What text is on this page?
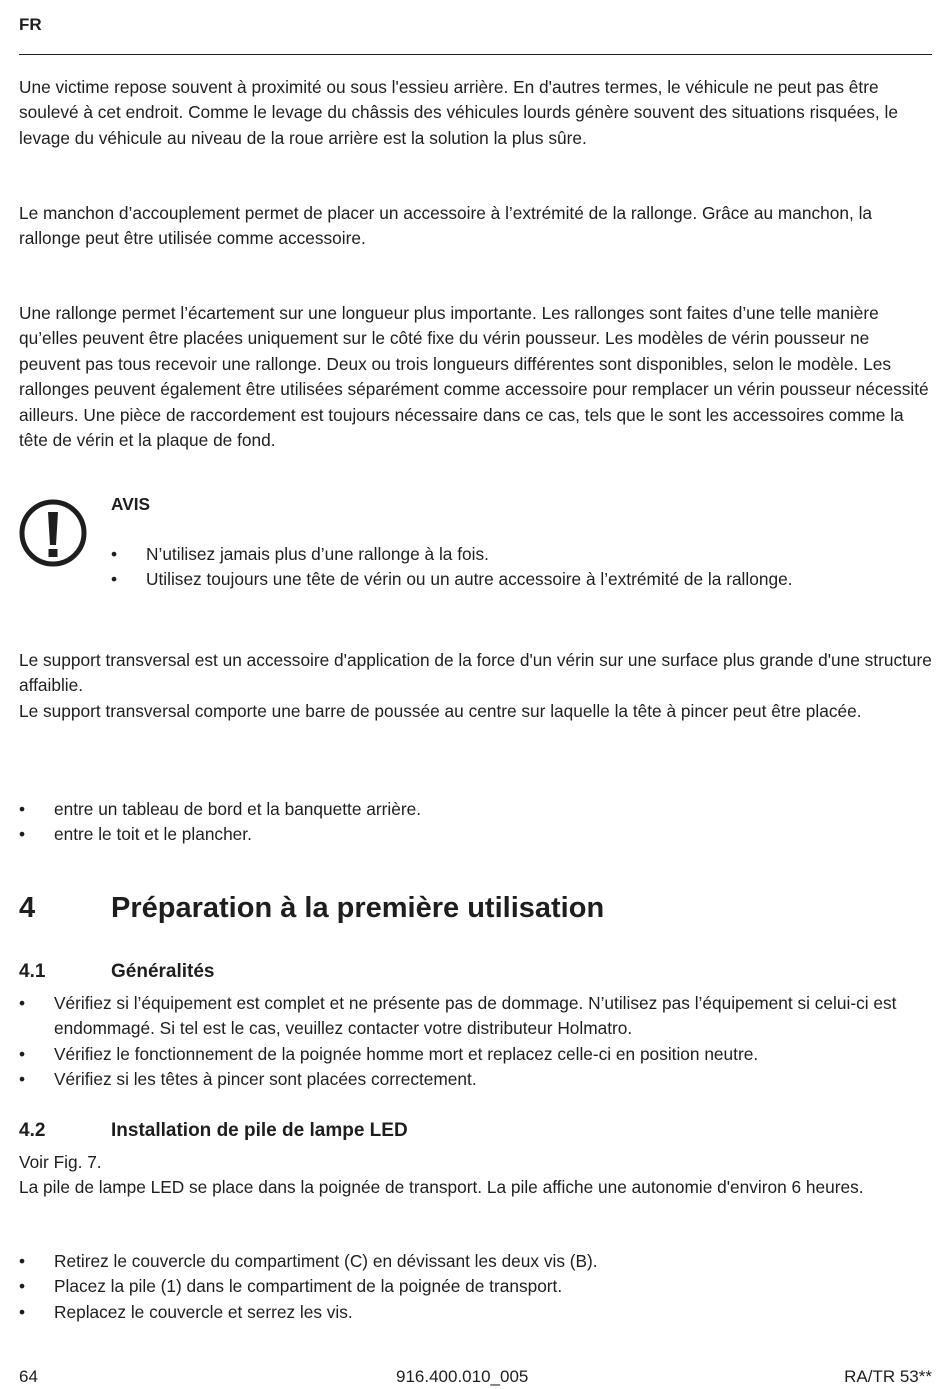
FR

Une victime repose souvent à proximité ou sous l'essieu arrière. En d'autres termes, le véhicule ne peut pas être soulevé à cet endroit. Comme le levage du châssis des véhicules lourds génère souvent des situations risquées, le levage du véhicule au niveau de la roue arrière est la solution la plus sûre.

Le manchon d’accouplement permet de placer un accessoire à l’extrémité de la rallonge. Grâce au manchon, la rallonge peut être utilisée comme accessoire.

Une rallonge permet l’écartement sur une longueur plus importante. Les rallonges sont faites d’une telle manière qu’elles peuvent être placées uniquement sur le côté fixe du vérin pousseur. Les modèles de vérin pousseur ne peuvent pas tous recevoir une rallonge. Deux ou trois longueurs différentes sont disponibles, selon le modèle. Les rallonges peuvent également être utilisées séparément comme accessoire pour remplacer un vérin pousseur nécessité ailleurs. Une pièce de raccordement est toujours nécessaire dans ce cas, tels que le sont les accessoires comme la tête de vérin et la plaque de fond.

AVIS
• N’utilisez jamais plus d’une rallonge à la fois.
• Utilisez toujours une tête de vérin ou un autre accessoire à l’extrémité de la rallonge.

Le support transversal est un accessoire d'application de la force d'un vérin sur une surface plus grande d'une structure affaiblie.

Le support transversal comporte une barre de poussée au centre sur laquelle la tête à pincer peut être placée.

• entre un tableau de bord et la banquette arrière.
• entre le toit et le plancher.
4	Préparation à la première utilisation
4.1	Généralités
• Vérifiez si l’équipement est complet et ne présente pas de dommage. N’utilisez pas l’équipement si celui-ci est endommagé. Si tel est le cas, veuillez contacter votre distributeur Holmatro.
• Vérifiez le fonctionnement de la poignée homme mort et replacez celle-ci en position neutre.
• Vérifiez si les têtes à pincer sont placées correctement.
4.2	Installation de pile de lampe LED

Voir Fig. 7.

La pile de lampe LED se place dans la poignée de transport. La pile affiche une autonomie d'environ 6 heures.

• Retirez le couvercle du compartiment (C) en dévissant les deux vis (B).
• Placez la pile (1) dans le compartiment de la poignée de transport.
• Replacez le couvercle et serrez les vis.
64	916.400.010_005	RA/TR 53**
